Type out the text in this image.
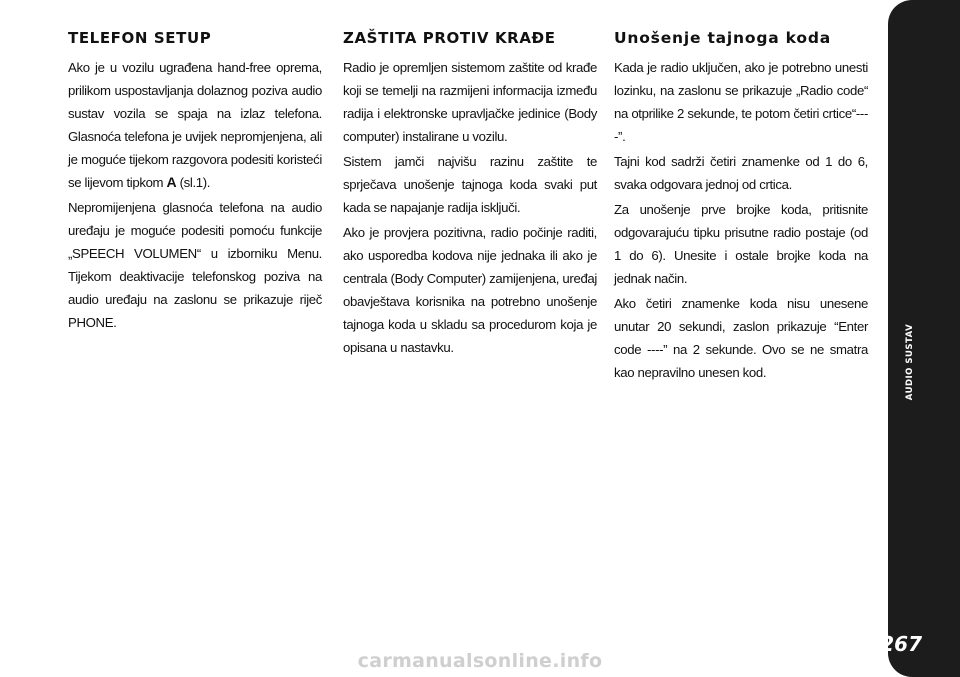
TELEFON SETUP

Ako je u vozilu ugrađena hand-free oprema, prilikom uspostavljanja dolaznog poziva audio sustav vozila se spaja na izlaz telefona. Glasnoća telefona je uvijek nepromjenjena, ali je moguće tijekom razgovora podesiti koristeći se lijevom tipkom A (sl.1).

Nepromijenjena glasnoća telefona na audio uređaju je moguće podesiti pomoću funkcije „SPEECH VOLUMEN“ u izborniku Menu. Tijekom deaktivacije telefonskog poziva na audio uređaju na zaslonu se prikazuje riječ PHONE.

ZAŠTITA PROTIV KRAĐE

Radio je opremljen sistemom zaštite od krađe koji se temelji na razmijeni informacija između radija i elektronske upravljačke jedinice (Body computer) instalirane u vozilu.

Sistem jamči najvišu razinu zaštite te sprječava unošenje tajnoga koda svaki put kada se napajanje radija isključi.

Ako je provjera pozitivna, radio počinje raditi, ako usporedba kodova nije jednaka ili ako je centrala (Body Computer) zamijenjena, uređaj obavještava korisnika na potrebno unošenje tajnoga koda u skladu sa procedurom koja je opisana u nastavku.

Unošenje tajnoga koda

Kada je radio uključen, ako je potrebno unesti lozinku, na zaslonu se prikazuje „Radio code“ na otprilike 2 sekunde, te potom četiri crtice“----”.

Tajni kod sadrži četiri znamenke od 1 do 6, svaka odgovara jednoj od crtica.

Za unošenje prve brojke koda, pritisnite odgovarajuću tipku prisutne radio postaje (od 1 do 6). Unesite i ostale brojke koda na jednak način.

Ako četiri znamenke koda nisu unesene unutar 20 sekundi, zaslon prikazuje “Enter code ----” na 2 sekunde. Ovo se ne smatra kao nepravilno unesen kod.	AUDIO SUSTAV
267
carmanualsonline.info
